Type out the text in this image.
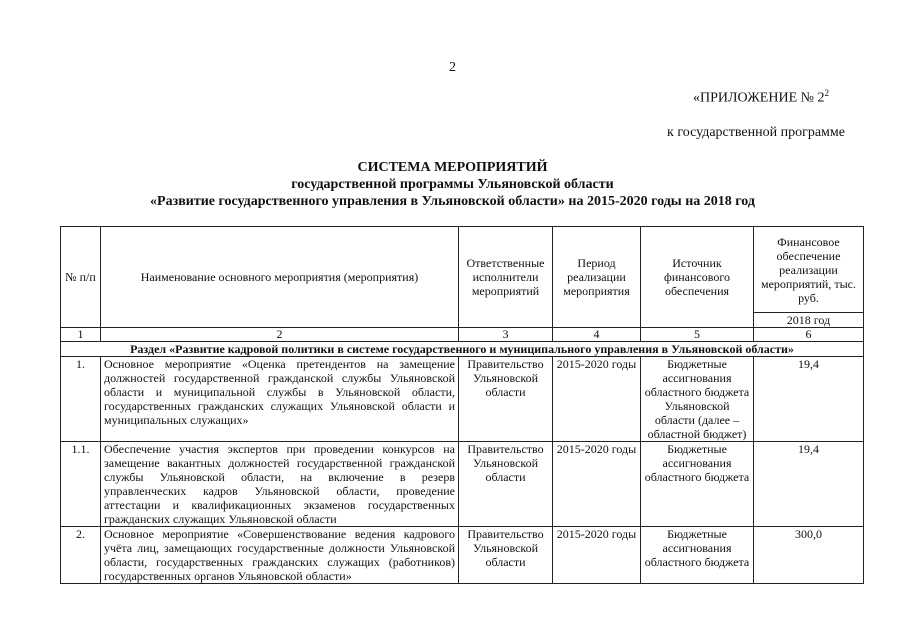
2
«ПРИЛОЖЕНИЕ № $2^2$
к государственной программе
СИСТЕМА МЕРОПРИЯТИЙ
государственной программы Ульяновской области
«Развитие государственного управления в Ульяновской области» на 2015-2020 годы на 2018 год
№ п/п	Наименование основного мероприятия (мероприятия)	Ответственные исполнители мероприятий	Период реализации мероприятия	Источник финансового обеспечения	Финансовое обеспечение реализации мероприятий, тыс. руб.
					2018 год
1	2	3	4	5	6
Раздел «Развитие кадровой политики в системе государственного и муниципального управления в Ульяновской области»					
1.	Основное мероприятие «Оценка претендентов на замещение должностей государственной гражданской службы Ульяновской области и муниципальной службы в Ульяновской области, государственных гражданских служащих Ульяновской области и муниципальных служащих»	Правительство Ульяновской области	2015-2020 годы	Бюджетные ассигнования областного бюджета Ульяновской области (далее – областной бюджет)	19,4
1.1.	Обеспечение участия экспертов при проведении конкурсов на замещение вакантных должностей государственной гражданской службы Ульяновской области, на включение в резерв управленческих кадров Ульяновской области, проведение аттестации и квалификационных экзаменов государственных гражданских служащих Ульяновской области	Правительство Ульяновской области	2015-2020 годы	Бюджетные ассигнования областного бюджета	19,4
2.	Основное мероприятие «Совершенствование ведения кадрового учёта лиц, замещающих государственные должности Ульяновской области, государственных гражданских служащих (работников) государственных органов Ульяновской области»	Правительство Ульяновской области	2015-2020 годы	Бюджетные ассигнования областного бюджета	300,0
